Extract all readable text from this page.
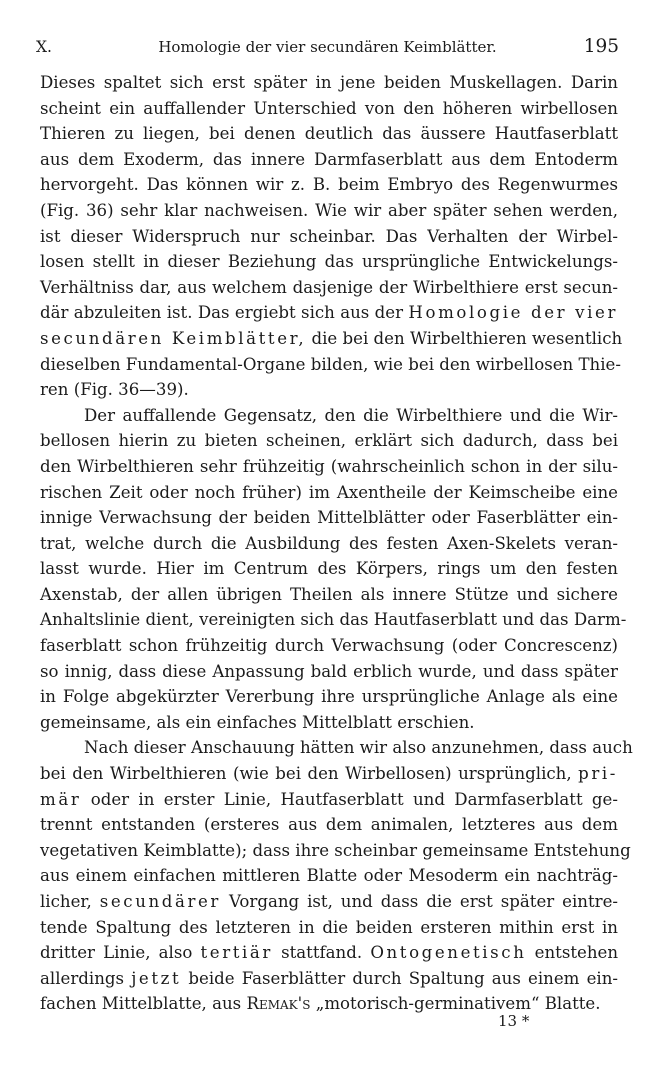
X.	Homologie der vier secundären Keimblätter.	195
Dieses spaltet sich erst später in jene beiden Muskellagen. Darin
scheint ein auffallender Unterschied von den höheren wirbellosen
Thieren zu liegen, bei denen deutlich das äussere Hautfaserblatt
aus dem Exoderm, das innere Darmfaserblatt aus dem Entoderm
hervorgeht. Das können wir z. B. beim Embryo des Regenwurmes
(Fig. 36) sehr klar nachweisen. Wie wir aber später sehen werden,
ist dieser Widerspruch nur scheinbar. Das Verhalten der Wirbel-
losen stellt in dieser Beziehung das ursprüngliche Entwickelungs-
Verhältniss dar, aus welchem dasjenige der Wirbelthiere erst secun-
där abzuleiten ist. Das ergiebt sich aus der Homologie der vier
secundären Keimblätter, die bei den Wirbelthieren wesentlich
dieselben Fundamental-Organe bilden, wie bei den wirbellosen Thie-
ren (Fig. 36—39).
Der auffallende Gegensatz, den die Wirbelthiere und die Wir-
bellosen hierin zu bieten scheinen, erklärt sich dadurch, dass bei
den Wirbelthieren sehr frühzeitig (wahrscheinlich schon in der silu-
rischen Zeit oder noch früher) im Axentheile der Keimscheibe eine
innige Verwachsung der beiden Mittelblätter oder Faserblätter ein-
trat, welche durch die Ausbildung des festen Axen-Skelets veran-
lasst wurde. Hier im Centrum des Körpers, rings um den festen
Axenstab, der allen übrigen Theilen als innere Stütze und sichere
Anhaltslinie dient, vereinigten sich das Hautfaserblatt und das Darm-
faserblatt schon frühzeitig durch Verwachsung (oder Concrescenz)
so innig, dass diese Anpassung bald erblich wurde, und dass später
in Folge abgekürzter Vererbung ihre ursprüngliche Anlage als eine
gemeinsame, als ein einfaches Mittelblatt erschien.
Nach dieser Anschauung hätten wir also anzunehmen, dass auch
bei den Wirbelthieren (wie bei den Wirbellosen) ursprünglich, pri-
mär oder in erster Linie, Hautfaserblatt und Darmfaserblatt ge-
trennt entstanden (ersteres aus dem animalen, letzteres aus dem
vegetativen Keimblatte); dass ihre scheinbar gemeinsame Entstehung
aus einem einfachen mittleren Blatte oder Mesoderm ein nachträg-
licher, secundärer Vorgang ist, und dass die erst später eintre-
tende Spaltung des letzteren in die beiden ersteren mithin erst in
dritter Linie, also tertiär stattfand. Ontogenetisch entstehen
allerdings jetzt beide Faserblätter durch Spaltung aus einem ein-
fachen Mittelblatte, aus Remak's „motorisch-germinativem“ Blatte.
13 *
